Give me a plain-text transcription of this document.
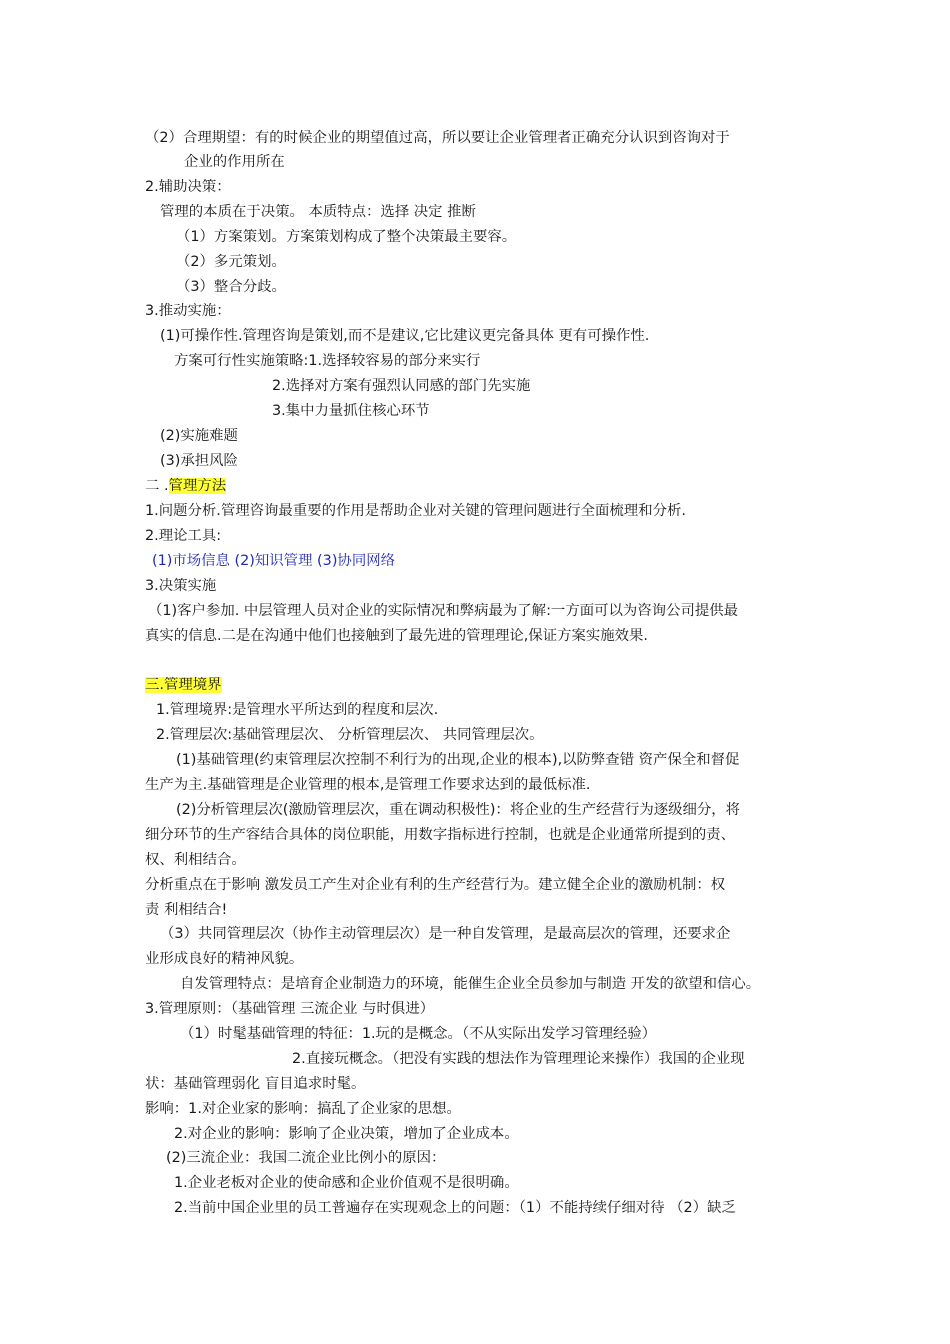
（2）合理期望：有的时候企业的期望值过高，所以要让企业管理者正确充分认识到咨询对于
企业的作用所在
2.辅助决策：
管理的本质在于决策。 本质特点：选择 决定 推断
（1）方案策划。方案策划构成了整个决策最主要容。
（2）多元策划。
（3）整合分歧。
3.推动实施：
(1)可操作性.管理咨询是策划,而不是建议,它比建议更完备具体 更有可操作性.
方案可行性实施策略:1.选择较容易的部分来实行
2.选择对方案有强烈认同感的部门先实施
3.集中力量抓住核心环节
(2)实施难题
(3)承担风险
二 .管理方法
1.问题分析.管理咨询最重要的作用是帮助企业对关键的管理问题进行全面梳理和分析.
2.理论工具:
(1)市场信息 (2)知识管理 (3)协同网络
3.决策实施
（1)客户参加. 中层管理人员对企业的实际情况和弊病最为了解:一方面可以为咨询公司提供最
真实的信息.二是在沟通中他们也接触到了最先进的管理理论,保证方案实施效果.
三.管理境界
1.管理境界:是管理水平所达到的程度和层次.
2.管理层次:基础管理层次、 分析管理层次、 共同管理层次。
(1)基础管理(约束管理层次控制不利行为的出现,企业的根本),以防弊查错 资产保全和督促
生产为主.基础管理是企业管理的根本,是管理工作要求达到的最低标准.
(2)分析管理层次(激励管理层次，重在调动积极性)：将企业的生产经营行为逐级细分，将
细分环节的生产容结合具体的岗位职能，用数字指标进行控制，也就是企业通常所提到的责、
权、利相结合。
分析重点在于影响 激发员工产生对企业有利的生产经营行为。建立健全企业的激励机制：权
责 利相结合!
（3）共同管理层次（协作主动管理层次）是一种自发管理，是最高层次的管理，还要求企
业形成良好的精神风貌。
自发管理特点：是培育企业制造力的环境，能催生企业全员参加与制造 开发的欲望和信心。
3.管理原则：（基础管理 三流企业 与时俱进）
（1）时髦基础管理的特征：1.玩的是概念。（不从实际出发学习管理经验）
2.直接玩概念。（把没有实践的想法作为管理理论来操作）我国的企业现
状：基础管理弱化 盲目追求时髦。
影响：1.对企业家的影响：搞乱了企业家的思想。
2.对企业的影响：影响了企业决策，增加了企业成本。
(2)三流企业：我国二流企业比例小的原因：
1.企业老板对企业的使命感和企业价值观不是很明确。
2.当前中国企业里的员工普遍存在实现观念上的问题：（1）不能持续仔细对待 （2）缺乏
